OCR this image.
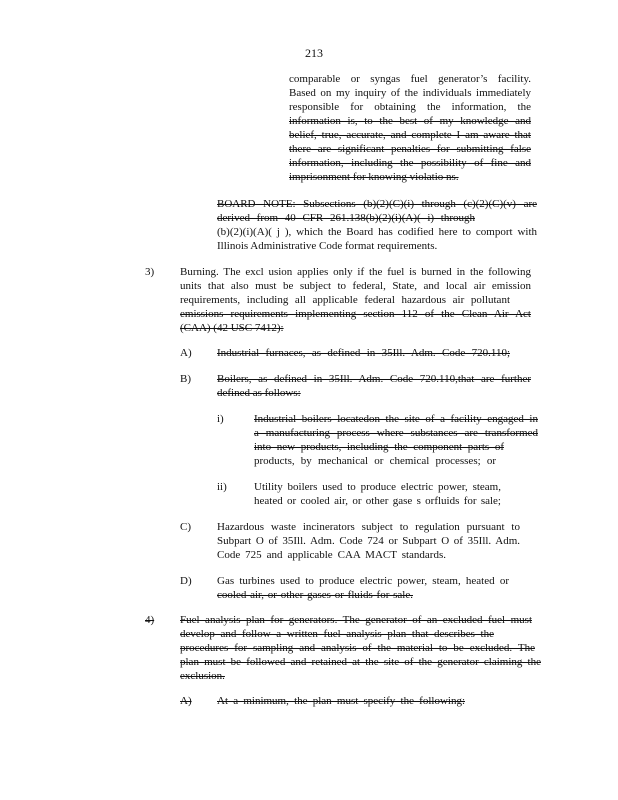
213
comparable or syngas fuel generator’s facility.
Based on my inquiry of the individuals immediately
responsible for obtaining the information, the
information is, to the best of my knowledge and
belief, true, accurate, and complete I am aware that
there are significant penalties for submitting false
information, including the possibility of fine and
imprisonment for knowing violatio ns.
BOARD NOTE: Subsections (b)(2)(C)(i) through (c)(2)(C)(v) are
derived from 40 CFR 261.138(b)(2)(i)(A)( i) through
(b)(2)(i)(A)( j ), which the Board has codified here to comport with
Illinois Administrative Code format requirements.
3) Burning. The excl usion applies only if the fuel is burned in the following
units that also must be subject to federal, State, and local air emission
requirements, including all applicable federal hazardous air pollutant
emissions requirements implementing section 112 of the Clean Air Act
(CAA) (42 USC 7412):
A) Industrial furnaces, as defined in 35Ill. Adm. Code 720.110;
B) Boilers, as defined in 35Ill. Adm. Code 720.110,that are further
defined as follows:
i)	Industrial boilers locatedon the site of a facility engaged in
a manufacturing process where substances are transformed
into new products, including the component parts of
products, by mechanical or chemical processes; or
ii) Utility boilers used to produce electric power, steam,
heated or cooled air, or other gase s orfluids for sale;
C) Hazardous waste incinerators subject to regulation pursuant to
Subpart O of 35Ill. Adm. Code 724 or Subpart O of 35Ill. Adm.
Code 725 and applicable CAA MACT standards.
D) Gas turbines used to produce electric power, steam, heated or
cooled air, or other gases or fluids for sale.
4) Fuel analysis plan for generators. The generator of an excluded fuel must
develop and follow a written fuel analysis plan that describes the
procedures for sampling and analysis of the material to be excluded. The
plan must be followed and retained at the site of the generator claiming the
exclusion.
A) At a minimum, the plan must specify the following:
